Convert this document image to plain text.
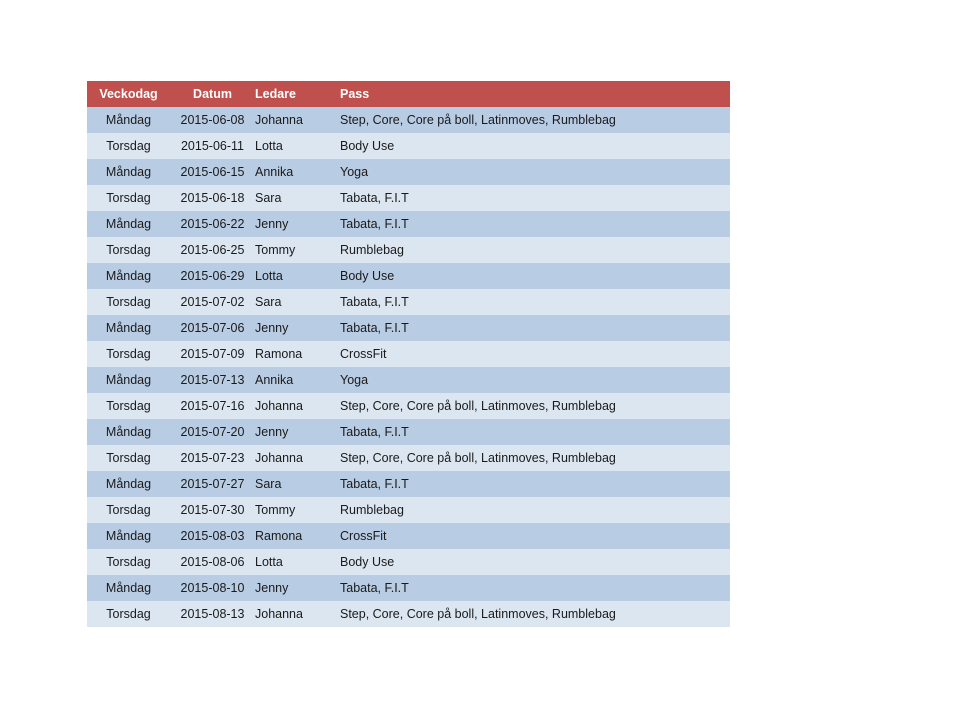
Veckodag	Datum	Ledare	Pass
Måndag	2015-06-08	Johanna	Step, Core, Core på boll, Latinmoves, Rumblebag
Torsdag	2015-06-11	Lotta	Body Use
Måndag	2015-06-15	Annika	Yoga
Torsdag	2015-06-18	Sara	Tabata, F.I.T
Måndag	2015-06-22	Jenny	Tabata, F.I.T
Torsdag	2015-06-25	Tommy	Rumblebag
Måndag	2015-06-29	Lotta	Body Use
Torsdag	2015-07-02	Sara	Tabata, F.I.T
Måndag	2015-07-06	Jenny	Tabata, F.I.T
Torsdag	2015-07-09	Ramona	CrossFit
Måndag	2015-07-13	Annika	Yoga
Torsdag	2015-07-16	Johanna	Step, Core, Core på boll, Latinmoves, Rumblebag
Måndag	2015-07-20	Jenny	Tabata, F.I.T
Torsdag	2015-07-23	Johanna	Step, Core, Core på boll, Latinmoves, Rumblebag
Måndag	2015-07-27	Sara	Tabata, F.I.T
Torsdag	2015-07-30	Tommy	Rumblebag
Måndag	2015-08-03	Ramona	CrossFit
Torsdag	2015-08-06	Lotta	Body Use
Måndag	2015-08-10	Jenny	Tabata, F.I.T
Torsdag	2015-08-13	Johanna	Step, Core, Core på boll, Latinmoves, Rumblebag
